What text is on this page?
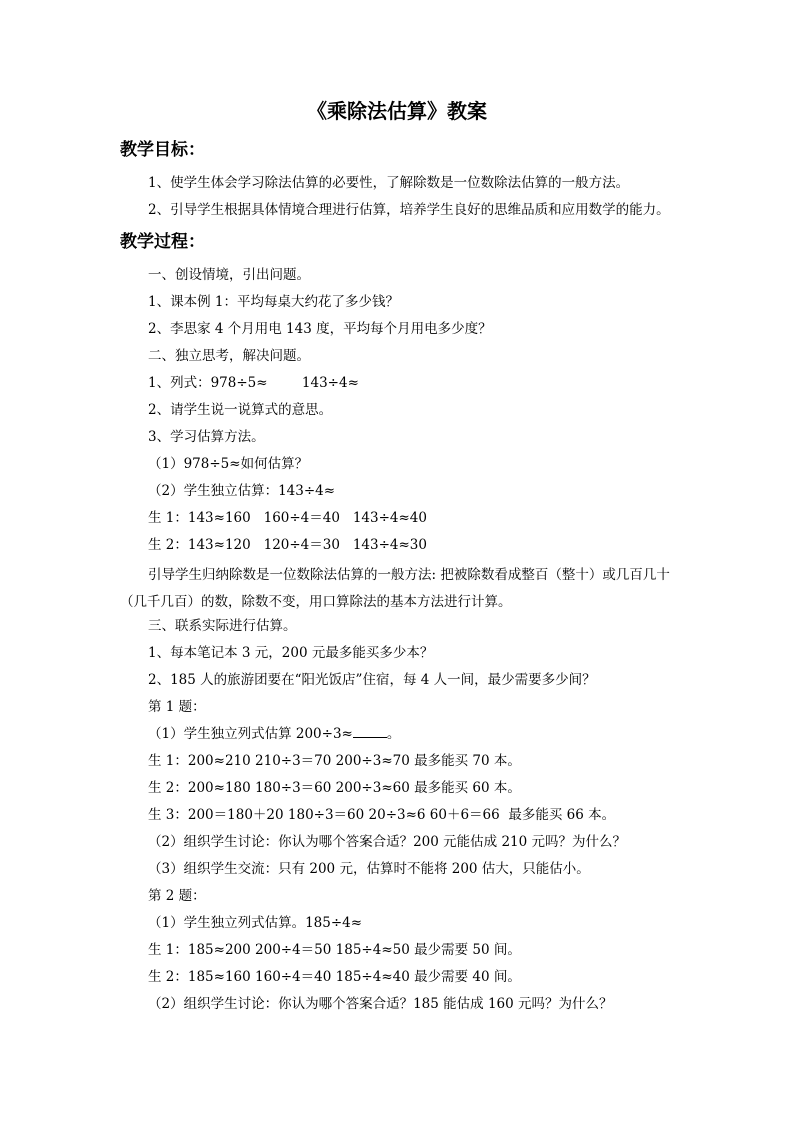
《乘除法估算》教案
教学目标：
1、使学生体会学习除法估算的必要性，了解除数是一位数除法估算的一般方法。
2、引导学生根据具体情境合理进行估算，培养学生良好的思维品质和应用数学的能力。
教学过程：
一、创设情境，引出问题。
1、课本例 1：平均每桌大约花了多少钱？
2、李思家 4 个月用电 143 度，平均每个月用电多少度？
二、独立思考，解决问题。
1、列式：978÷5≈        143÷4≈
2、请学生说一说算式的意思。
3、学习估算方法。
（1）978÷5≈如何估算？
（2）学生独立估算：143÷4≈
生 1：143≈160   160÷4＝40   143÷4≈40
生 2：143≈120   120÷4＝30   143÷4≈30
引导学生归纳除数是一位数除法估算的一般方法: 把被除数看成整百（整十）或几百几十（几千几百）的数，除数不变，用口算除法的基本方法进行计算。
三、联系实际进行估算。
1、每本笔记本 3 元，200 元最多能买多少本？
2、185 人的旅游团要在“阳光饭店”住宿，每 4 人一间，最少需要多少间？
第 1 题：
（1）学生独立列式估算 200÷3≈	。
生 1：200≈210 210÷3＝70 200÷3≈70 最多能买 70 本。
生 2：200≈180 180÷3＝60 200÷3≈60 最多能买 60 本。
生 3：200＝180＋20 180÷3＝60 20÷3≈6 60＋6＝66  最多能买 66 本。
（2）组织学生讨论：你认为哪个答案合适？200 元能估成 210 元吗？为什么？
（3）组织学生交流：只有 200 元，估算时不能将 200 估大，只能估小。
第 2 题：
（1）学生独立列式估算。185÷4≈
生 1：185≈200 200÷4＝50 185÷4≈50 最少需要 50 间。
生 2：185≈160 160÷4＝40 185÷4≈40 最少需要 40 间。
（2）组织学生讨论：你认为哪个答案合适？185 能估成 160 元吗？为什么？
